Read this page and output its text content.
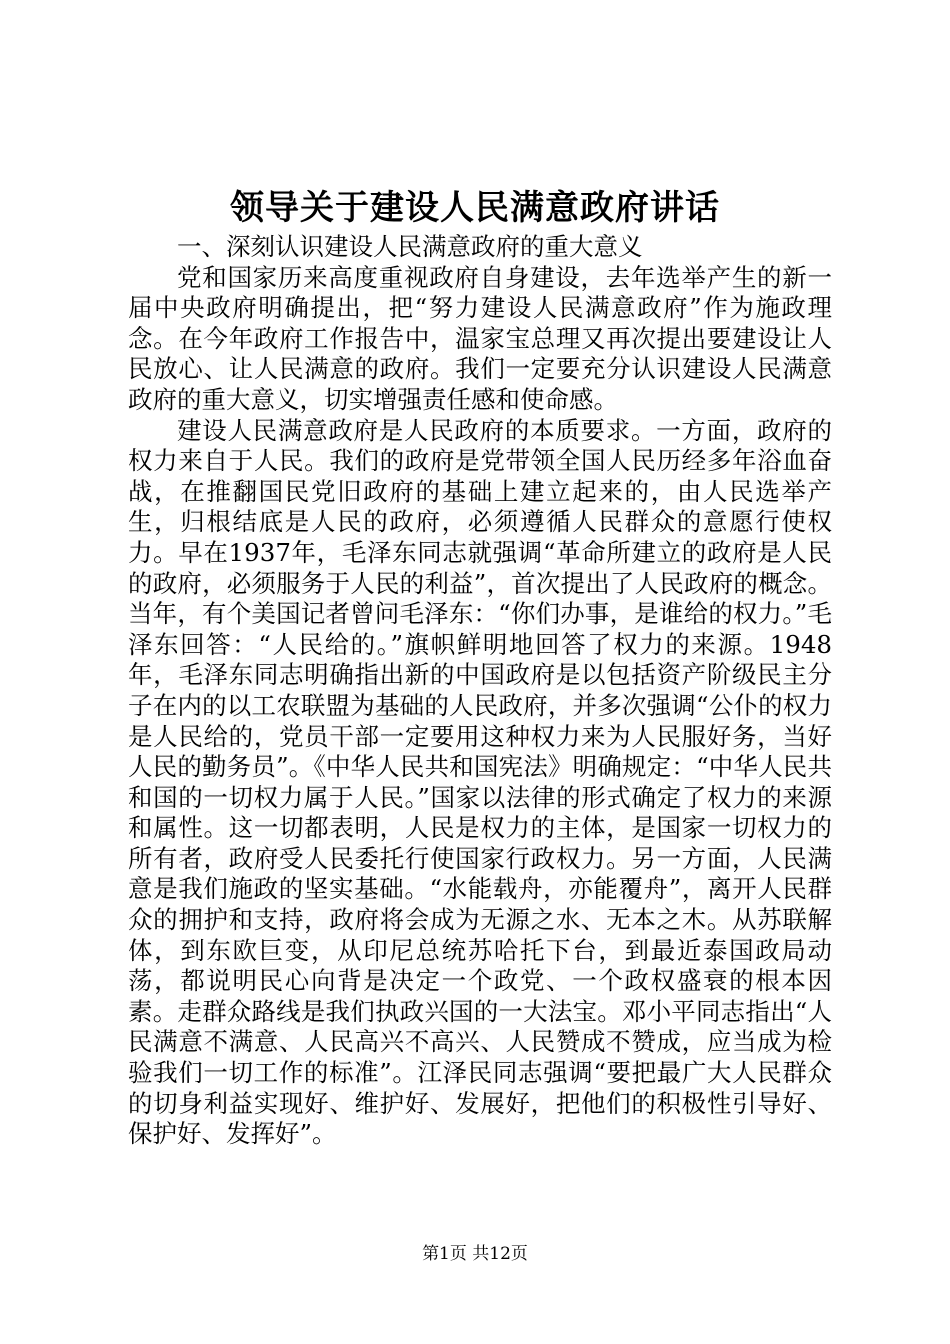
领导关于建设人民满意政府讲话

一、深刻认识建设人民满意政府的重大意义

党和国家历来高度重视政府自身建设，去年选举产生的新一届中央政府明确提出，把“努力建设人民满意政府”作为施政理念。在今年政府工作报告中，温家宝总理又再次提出要建设让人民放心、让人民满意的政府。我们一定要充分认识建设人民满意政府的重大意义，切实增强责任感和使命感。

建设人民满意政府是人民政府的本质要求。一方面，政府的权力来自于人民。我们的政府是党带领全国人民历经多年浴血奋战，在推翻国民党旧政府的基础上建立起来的，由人民选举产生，归根结底是人民的政府，必须遵循人民群众的意愿行使权力。早在1937年，毛泽东同志就强调“革命所建立的政府是人民的政府，必须服务于人民的利益”，首次提出了人民政府的概念。当年，有个美国记者曾问毛泽东：“你们办事，是谁给的权力。”毛泽东回答：“人民给的。”旗帜鲜明地回答了权力的来源。1948年，毛泽东同志明确指出新的中国政府是以包括资产阶级民主分子在内的以工农联盟为基础的人民政府，并多次强调“公仆的权力是人民给的，党员干部一定要用这种权力来为人民服好务，当好人民的勤务员”。《中华人民共和国宪法》明确规定：“中华人民共和国的一切权力属于人民。”国家以法律的形式确定了权力的来源和属性。这一切都表明，人民是权力的主体，是国家一切权力的所有者，政府受人民委托行使国家行政权力。另一方面，人民满意是我们施政的坚实基础。“水能载舟，亦能覆舟”，离开人民群众的拥护和支持，政府将会成为无源之水、无本之木。从苏联解体，到东欧巨变，从印尼总统苏哈托下台，到最近泰国政局动荡，都说明民心向背是决定一个政党、一个政权盛衰的根本因素。走群众路线是我们执政兴国的一大法宝。邓小平同志指出“人民满意不满意、人民高兴不高兴、人民赞成不赞成，应当成为检验我们一切工作的标准”。江泽民同志强调“要把最广大人民群众的切身利益实现好、维护好、发展好，把他们的积极性引导好、保护好、发挥好”。

第1页 共12页
